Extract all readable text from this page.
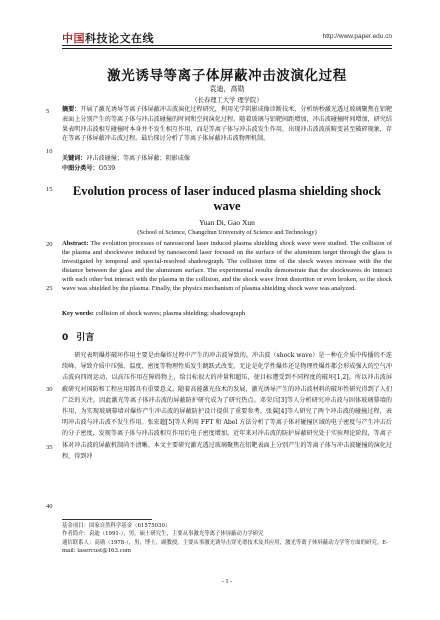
中国科技论文在线	http://www.paper.edu.cn
5
10
15
20
25
30
35
40
激光诱导等离子体屏蔽冲击波演化过程
袁迪，高勋
（长春理工大学 理学院）
摘要：开展了激光诱导等离子体屏蔽冲击波演化过程研究，利用光学阴影成像诊断技术、分析纳秒激光透过玻璃聚焦在铝靶表面上分别产生的等离子体与冲击波碰撞的时间和空间演化过程。随着玻璃与铝靶间距增加，冲击波碰撞时间增加，研究结果表明冲击波相互碰撞时本身并不发生相互作用，而是等离子体与冲击波发生作用，出现冲击波波前畸变甚至破碎现象，存在等离子体屏蔽冲击波过程。最后探讨分析了等离子体屏蔽冲击波物理机制。
关键词：冲击波碰撞；等离子体屏蔽；阴影成像
中图分类号：O539
Evolution process of laser induced plasma shielding shock wave
Yuan Di, Gao Xun
(School of Science, Changchun University of Science and Technology)
Abstract: The evolution processes of nanosecond laser induced plasma shielding shock wave were studied. The collision of the plasma and shockwave induced by nanosecond laser focused on the surface of the aluminum target through the glass is investigated by temporal and special-resolved shadowgraph. The collision time of the shock waves increase with the the distance between the glass and the aluminum surface. The experimental results demonstrate that the shockwaves do interact with each other but interact with the plasma in the collision, and the shock wave front distortion or even broken, so the shock wave was shielded by the plasma. Finally, the physics mechanism of plasma shielding shock wave was analyzed.
Key words: collision of shock waves; plasma shielding; shadowgraph
0 引言
研究表明爆炸破坏作用主要是由爆炸过程中产生的冲击波导致的。冲击波（shock wave）是一种在介质中传播的不连续峰，导致介质中压强、温度、密度等物理性质发生跳跃式改变。无论是化学性爆炸还是物理性爆炸都会形成强大的空气冲击波向四周运动，以高压作用在障碍物上，给目标很大的冲量和超压，使目标遭受到不同程度的破坏[1,2]。所以冲击波屏蔽研究对国防和工程应用都具有重要意义。随着高能激光技术的发展，激光诱导产生的冲击波材料的破坏性研究得到了人们广泛的关注。因此激光等离子体冲击波的屏蔽防护研究成为了研究热点。邓荣兵[3]等人分析研究冲击波与固体玻璃幕墙的作用，为实现玻璃幕墙对爆炸产生冲击波的屏蔽防护设计提供了重要参考。张翼[4]等人研究了两个冲击波的碰撞过程，表明冲击波与冲击波不发生作用。张宏超[5]等人利用 FFT 和 Abel 方法分析了等离子体对碰撞区域的电子密度与产生冲击后的分子密度，发现等离子体与冲击波相互作用后电子密度增加。近年来对冲击波的防护屏蔽研究处于实验理论阶段，等离子体对冲击波的屏蔽机制尚不清晰。本文主要研究激光透过玻璃聚焦在铝靶表面上分别产生的等离子体与冲击波碰撞的演化过程，得到冲
基金项目：国家自然科学基金（61575030）
作者简介：袁迪（1991-），男，硕士研究生，主要从事激光等离子体屏蔽动力学研究
通信联系人：高勋（1978-），男，博士，副教授，主要从事激光诱导击穿光谱技术及其应用，激光等离子体屏蔽动力学等方面的研究。E-mail: lasercust@163.com
- 1 -
